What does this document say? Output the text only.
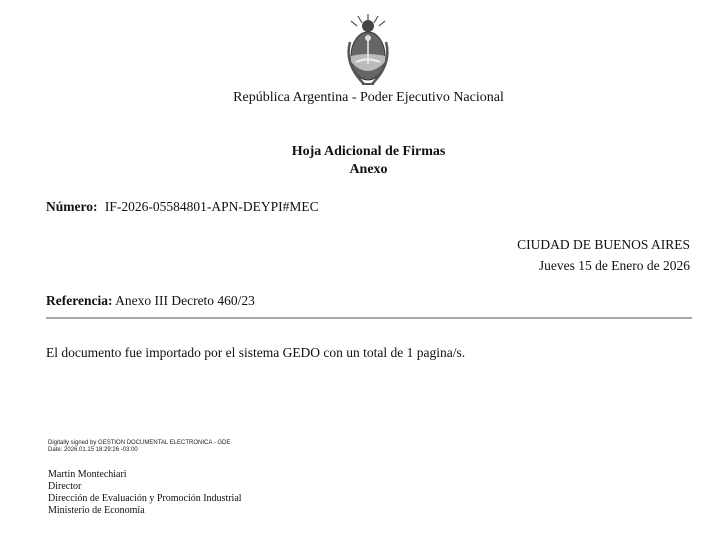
República Argentina - Poder Ejecutivo Nacional
Hoja Adicional de Firmas
Anexo
Número: IF-2026-05584801-APN-DEYPI#MEC
CIUDAD DE BUENOS AIRES
Jueves 15 de Enero de 2026
Referencia: Anexo III Decreto 460/23
El documento fue importado por el sistema GEDO con un total de 1 pagina/s.
Digitally signed by GESTION DOCUMENTAL ELECTRONICA - GDE
Date: 2026.01.15 18:29:26 -03:00
Martin Montechiari
Director
Dirección de Evaluación y Promoción Industrial
Ministerio de Economía
